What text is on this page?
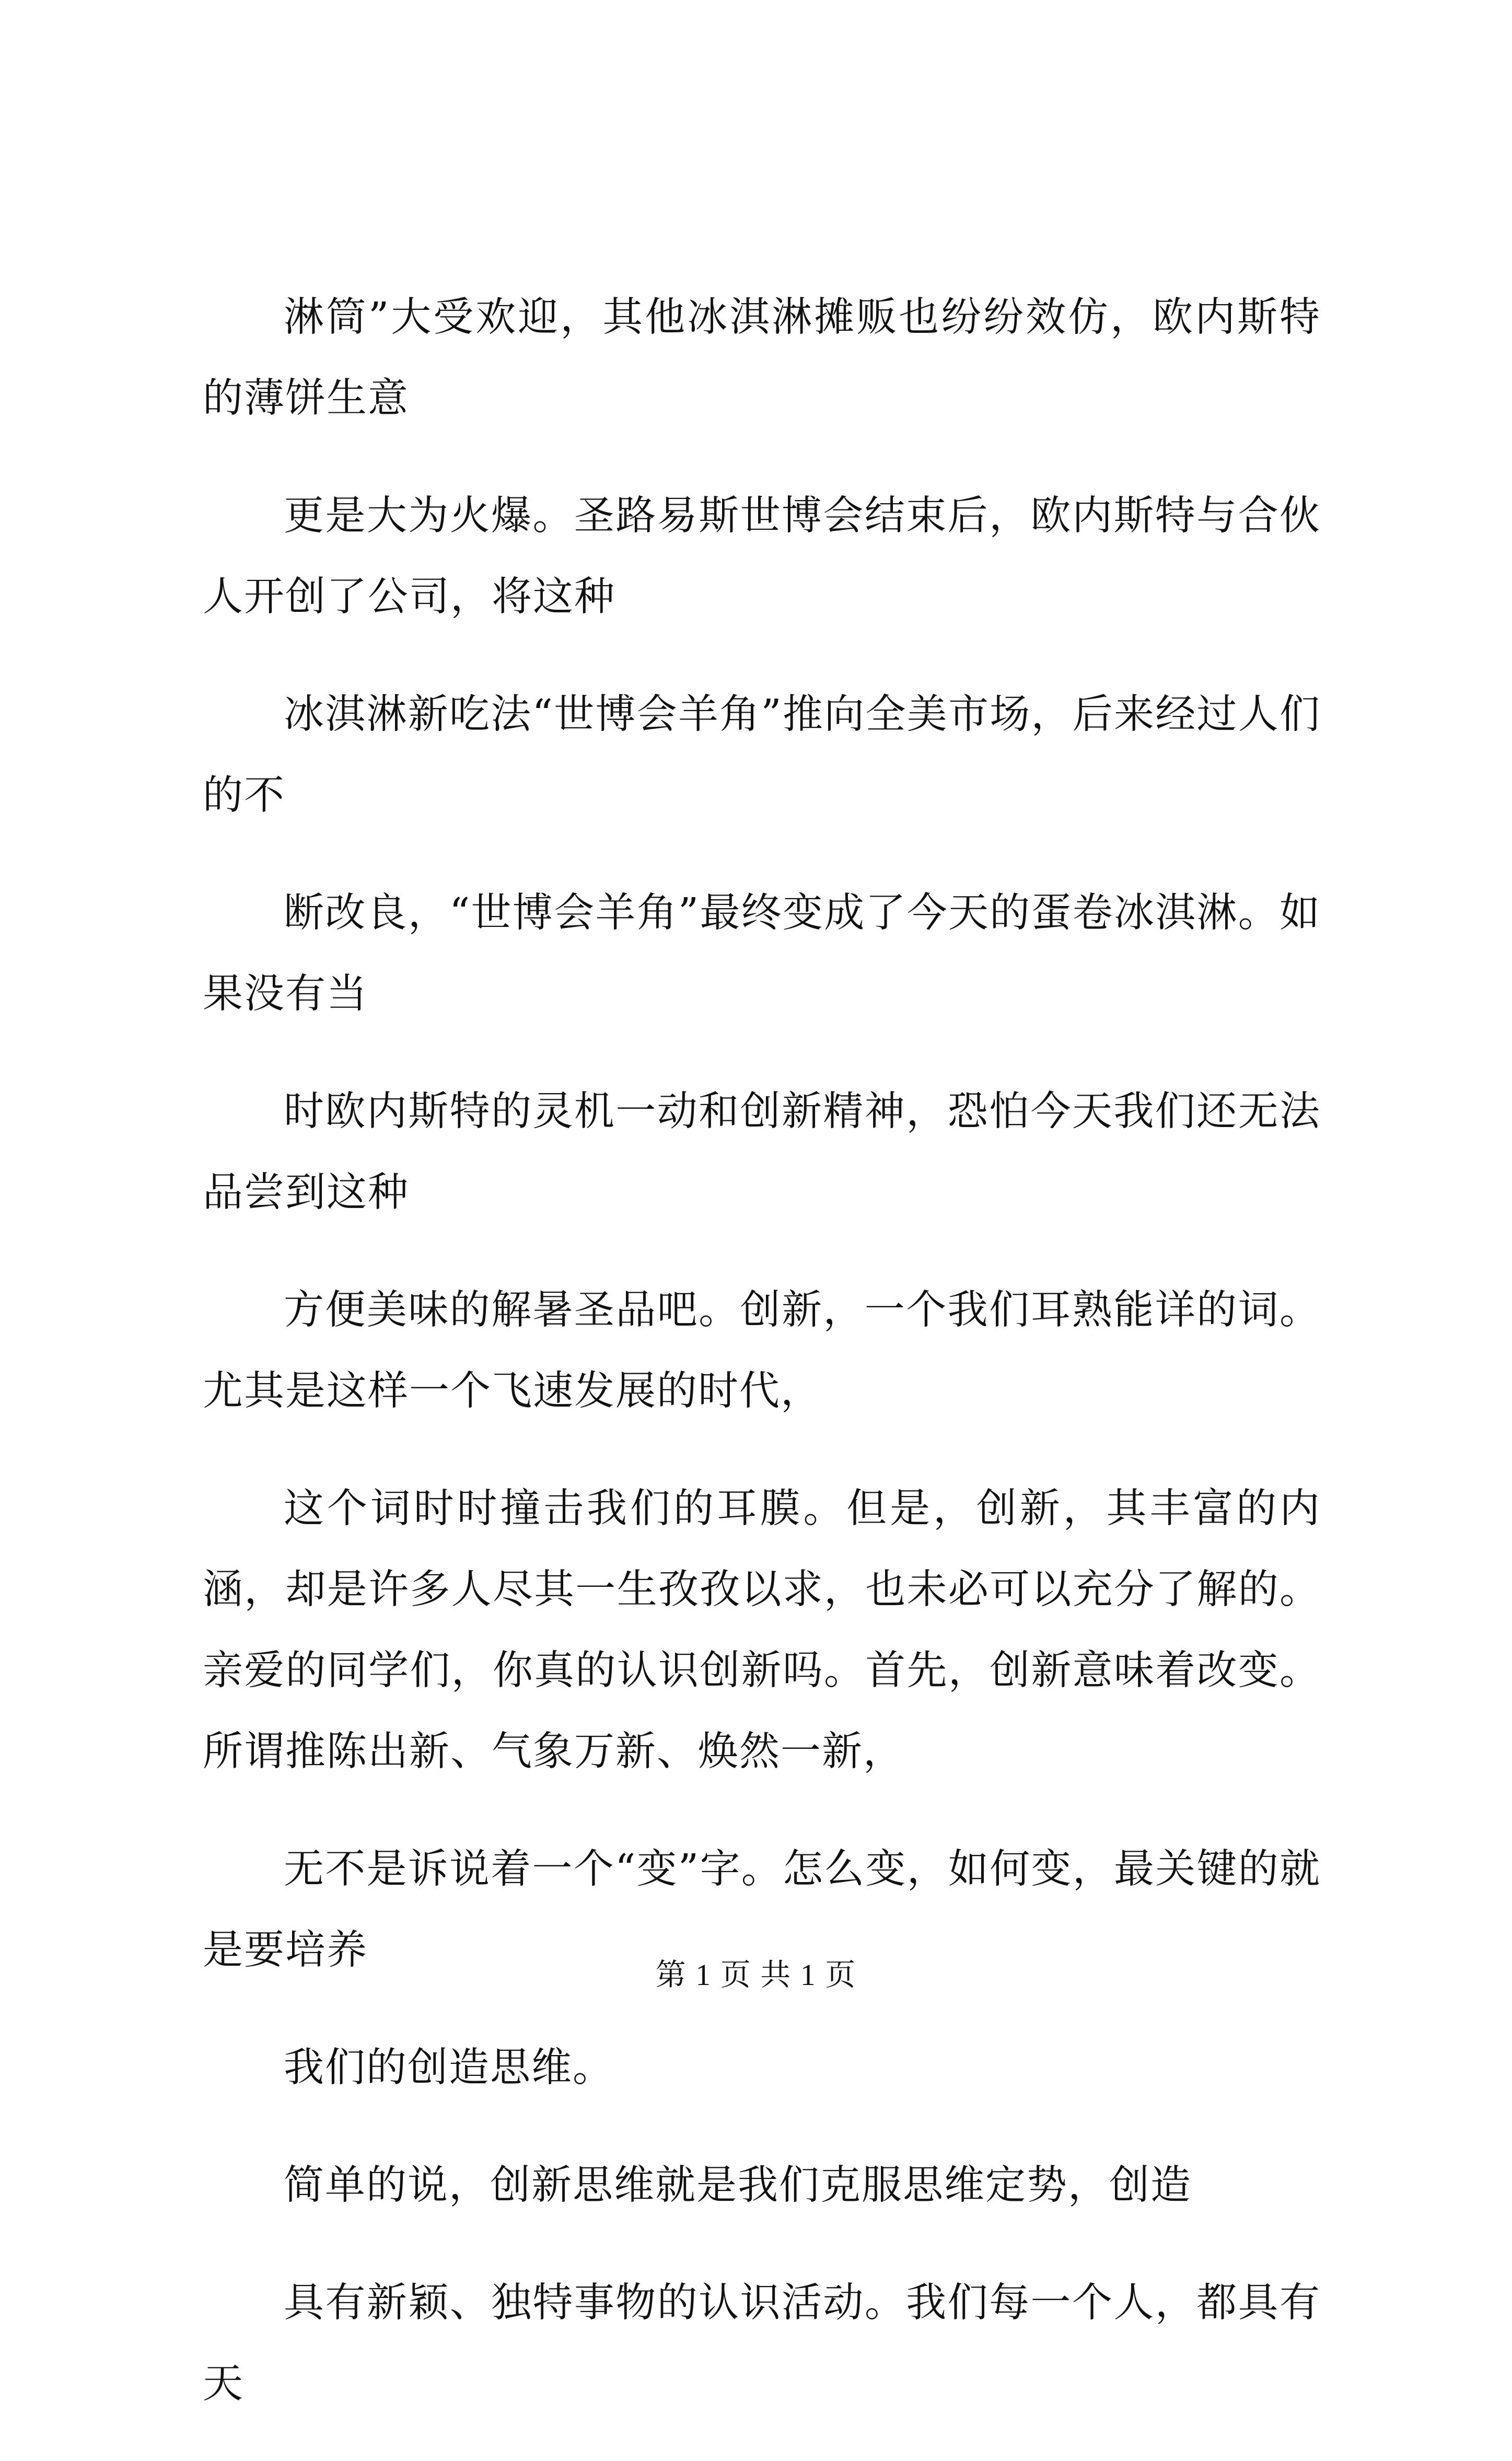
淋筒”大受欢迎，其他冰淇淋摊贩也纷纷效仿，欧内斯特的薄饼生意

更是大为火爆。圣路易斯世博会结束后，欧内斯特与合伙人开创了公司，将这种

冰淇淋新吃法“世博会羊角”推向全美市场，后来经过人们的不

断改良，“世博会羊角”最终变成了今天的蛋卷冰淇淋。如果没有当

时欧内斯特的灵机一动和创新精神，恐怕今天我们还无法品尝到这种

方便美味的解暑圣品吧。创新，一个我们耳熟能详的词。尤其是这样一个飞速发展的时代，

这个词时时撞击我们的耳膜。但是，创新，其丰富的内涵，却是许多人尽其一生孜孜以求，也未必可以充分了解的。亲爱的同学们，你真的认识创新吗。首先，创新意味着改变。所谓推陈出新、气象万新、焕然一新，

无不是诉说着一个“变”字。怎么变，如何变，最关键的就是要培养

我们的创造思维。

简单的说，创新思维就是我们克服思维定势，创造

具有新颖、独特事物的认识活动。我们每一个人，都具有天

第 1 页 共 1 页
